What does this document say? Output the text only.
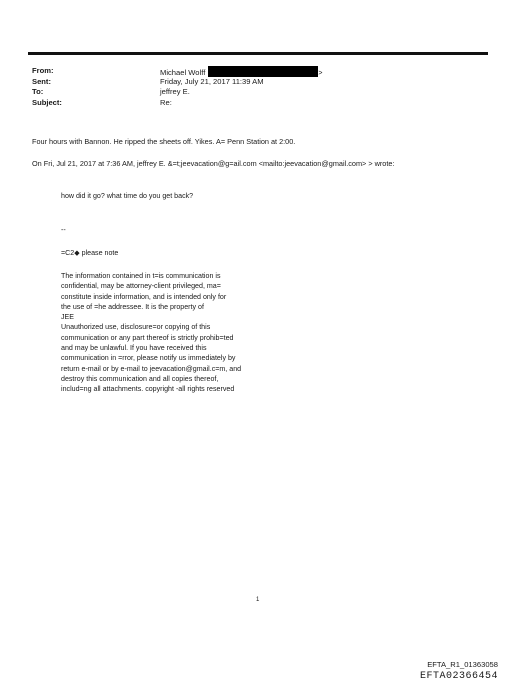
From:	Michael Wolff	>
Sent:	Friday, July 21, 2017 11:39 AM
To:	jeffrey E.
Subject:	Re:
Four hours with Bannon. He ripped the sheets off. Yikes. A= Penn Station at 2:00.
On Fri, Jul 21, 2017 at 7:36 AM, jeffrey E. &=t;jeevacation@g=ail.com <mailto:jeevacation@gmail.com> > wrote:
how did it go? what time do you get back?
--
=C2◆ please note
The information contained in t=is communication is
confidential, may be attorney-client privileged, ma=
constitute inside information, and is intended only for
the use of =he addressee. It is the property of
JEE
Unauthorized use, disclosure=or copying of this
communication or any part thereof is strictly prohib=ted
and may be unlawful. If you have received this
communication in =rror, please notify us immediately by
return e-mail or by e-mail to jeevacation@gmail.c=m, and
destroy this communication and all copies thereof,
includ=ng all attachments. copyright -all rights reserved
1
EFTA_R1_01363058
EFTA02366454
